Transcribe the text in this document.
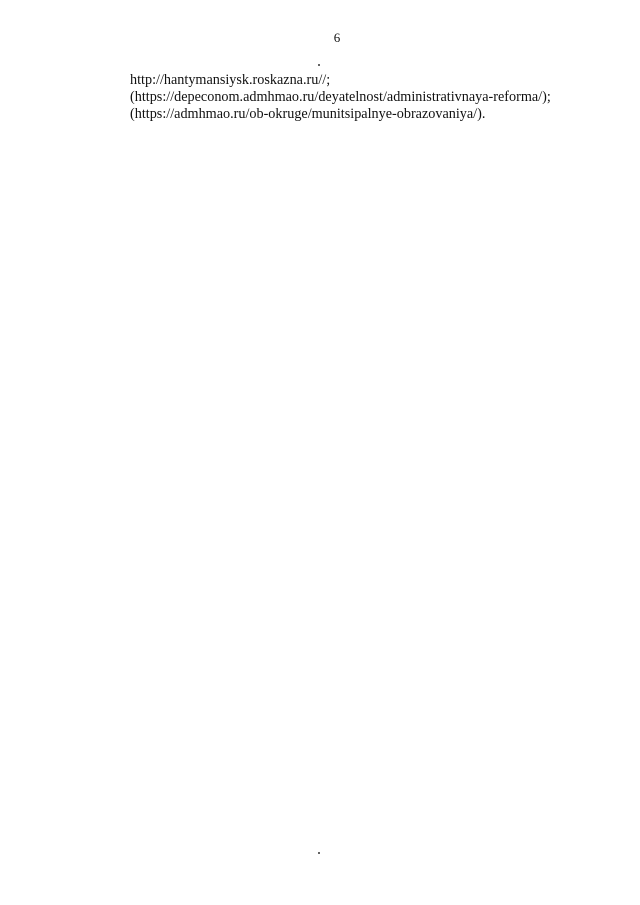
6

http://hantymansiysk.roskazna.ru//;

(https://depeconom.admhmao.ru/deyatelnost/administrativnaya-reforma/);

(https://admhmao.ru/ob-okruge/munitsipalnye-obrazovaniya/).
